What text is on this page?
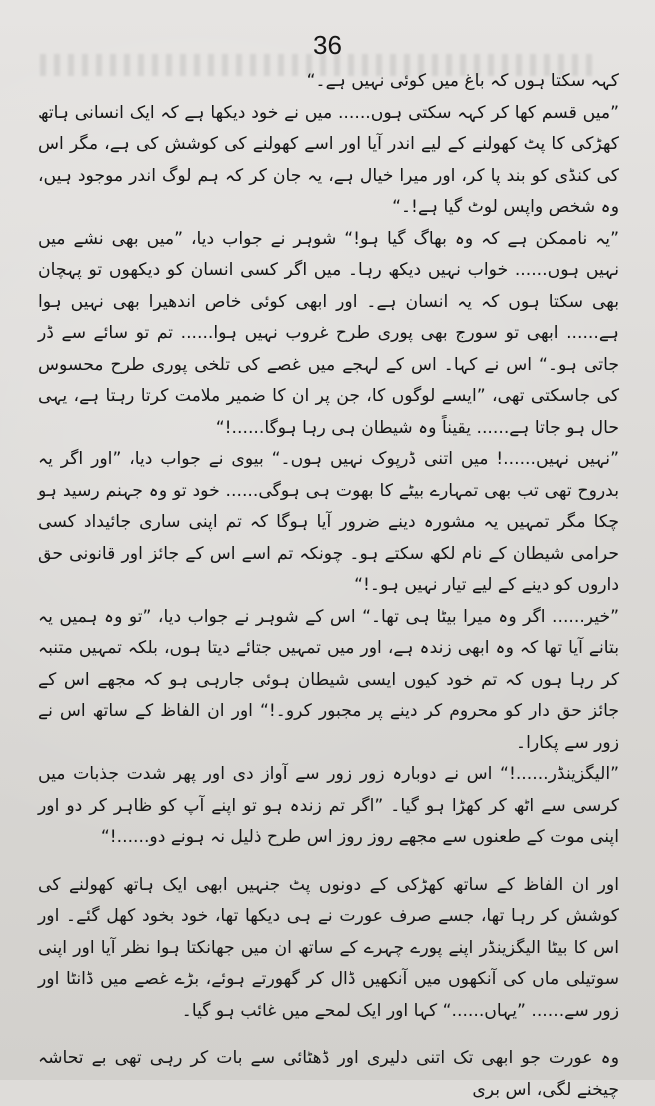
36

کہہ سکتا ہوں کہ باغ میں کوئی نہیں ہے۔“

”میں قسم کھا کر کہہ سکتی ہوں...... میں نے خود دیکھا ہے کہ ایک انسانی ہاتھ کھڑکی کا پٹ کھولنے کے لیے اندر آیا اور اسے کھولنے کی کوشش کی ہے، مگر اس کی کنڈی کو بند پا کر، اور میرا خیال ہے، یہ جان کر کہ ہم لوگ اندر موجود ہیں، وہ شخص واپس لوٹ گیا ہے!۔“

”یہ ناممکن ہے کہ وہ بھاگ گیا ہو!“ شوہر نے جواب دیا، ”میں بھی نشے میں نہیں ہوں...... خواب نہیں دیکھ رہا۔ میں اگر کسی انسان کو دیکھوں تو پہچان بھی سکتا ہوں کہ یہ انسان ہے۔ اور ابھی کوئی خاص اندھیرا بھی نہیں ہوا ہے...... ابھی تو سورج بھی پوری طرح غروب نہیں ہوا...... تم تو سائے سے ڈر جاتی ہو۔“ اس نے کہا۔ اس کے لہجے میں غصے کی تلخی پوری طرح محسوس کی جاسکتی تھی، ”ایسے لوگوں کا، جن پر ان کا ضمیر ملامت کرتا رہتا ہے، یہی حال ہو جاتا ہے...... یقیناً وہ شیطان ہی رہا ہوگا......!“

”نہیں نہیں......! میں اتنی ڈرپوک نہیں ہوں۔“ بیوی نے جواب دیا، ”اور اگر یہ بدروح تھی تب بھی تمہارے بیٹے کا بھوت ہی ہوگی...... خود تو وہ جہنم رسید ہو چکا مگر تمہیں یہ مشورہ دینے ضرور آیا ہوگا کہ تم اپنی ساری جائیداد کسی حرامی شیطان کے نام لکھ سکتے ہو۔ چونکہ تم اسے اس کے جائز اور قانونی حق داروں کو دینے کے لیے تیار نہیں ہو۔!“

”خیر...... اگر وہ میرا بیٹا ہی تھا۔“ اس کے شوہر نے جواب دیا، ”تو وہ ہمیں یہ بتانے آیا تھا کہ وہ ابھی زندہ ہے، اور میں تمہیں جتائے دیتا ہوں، بلکہ تمہیں متنبہ کر رہا ہوں کہ تم خود کیوں ایسی شیطان ہوئی جارہی ہو کہ مجھے اس کے جائز حق دار کو محروم کر دینے پر مجبور کرو۔!“ اور ان الفاظ کے ساتھ اس نے زور سے پکارا۔

”الیگزینڈر......!“ اس نے دوبارہ زور زور سے آواز دی اور پھر شدت جذبات میں کرسی سے اٹھ کر کھڑا ہو گیا۔ ”اگر تم زندہ ہو تو اپنے آپ کو ظاہر کر دو اور اپنی موت کے طعنوں سے مجھے روز روز اس طرح ذلیل نہ ہونے دو......!“

اور ان الفاظ کے ساتھ کھڑکی کے دونوں پٹ جنہیں ابھی ایک ہاتھ کھولنے کی کوشش کر رہا تھا، جسے صرف عورت نے ہی دیکھا تھا، خود بخود کھل گئے۔ اور اس کا بیٹا الیگزینڈر اپنے پورے چہرے کے ساتھ ان میں جھانکتا ہوا نظر آیا اور اپنی سوتیلی ماں کی آنکھوں میں آنکھیں ڈال کر گھورتے ہوئے، بڑے غصے میں ڈانٹا اور زور سے...... ”یہاں......“ کہا اور ایک لمحے میں غائب ہو گیا۔

وہ عورت جو ابھی تک اتنی دلیری اور ڈھٹائی سے بات کر رہی تھی بے تحاشہ چیخنے لگی، اس بری
